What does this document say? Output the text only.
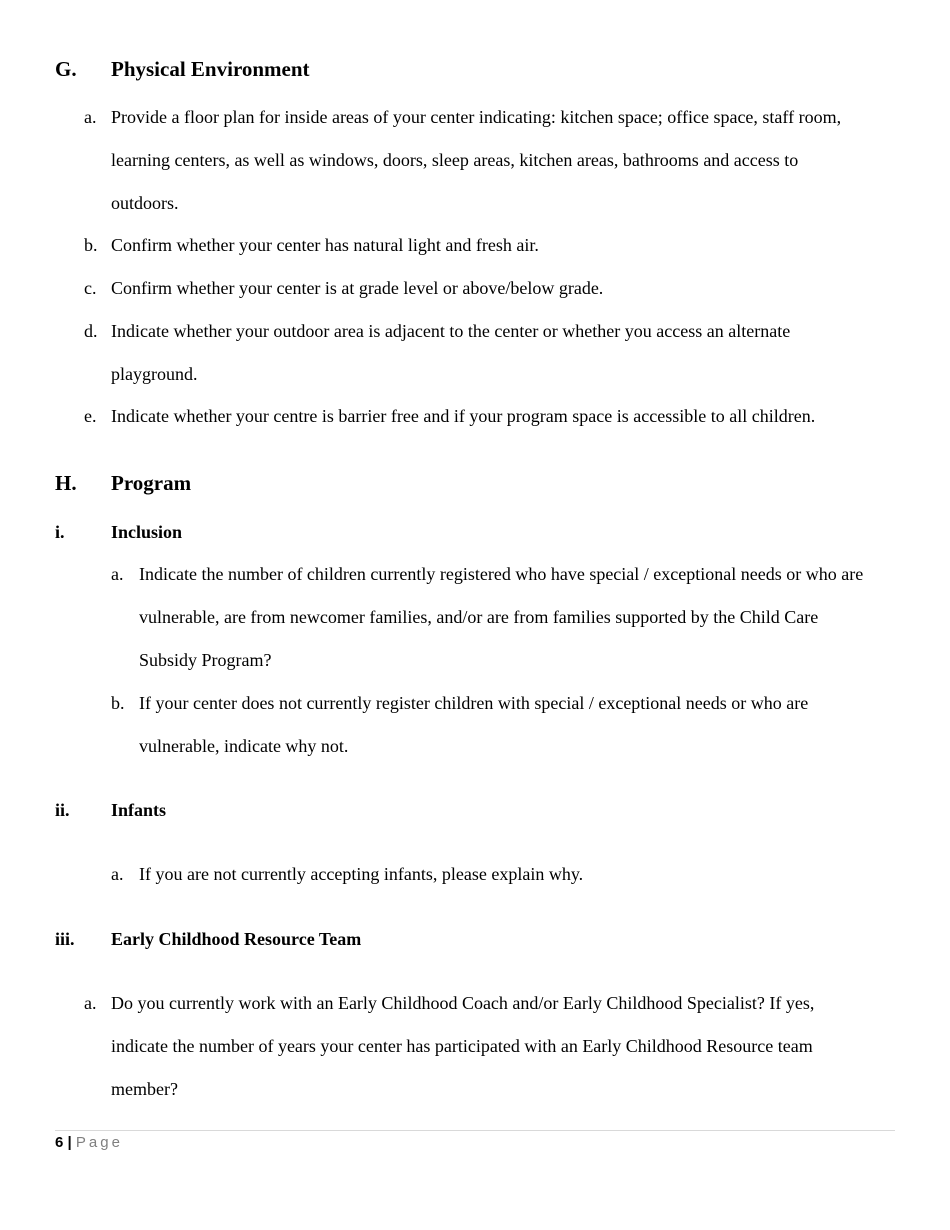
G. Physical Environment
a. Provide a floor plan for inside areas of your center indicating: kitchen space; office space, staff room,
learning centers, as well as windows, doors, sleep areas, kitchen areas, bathrooms and access to
outdoors.
b. Confirm whether your center has natural light and fresh air.
c. Confirm whether your center is at grade level or above/below grade.
d. Indicate whether your outdoor area is adjacent to the center or whether you access an alternate
playground.
e. Indicate whether your centre is barrier free and if your program space is accessible to all children.
H. Program
i.	Inclusion
a. Indicate the number of children currently registered who have special / exceptional needs or who are
vulnerable, are from newcomer families, and/or are from families supported by the Child Care
Subsidy Program?
b. If your center does not currently register children with special / exceptional needs or who are
vulnerable, indicate why not.
ii. Infants
a. If you are not currently accepting infants, please explain why.
iii. Early Childhood Resource Team
a. Do you currently work with an Early Childhood Coach and/or Early Childhood Specialist? If yes,
indicate the number of years your center has participated with an Early Childhood Resource team
member?
6 | Page
